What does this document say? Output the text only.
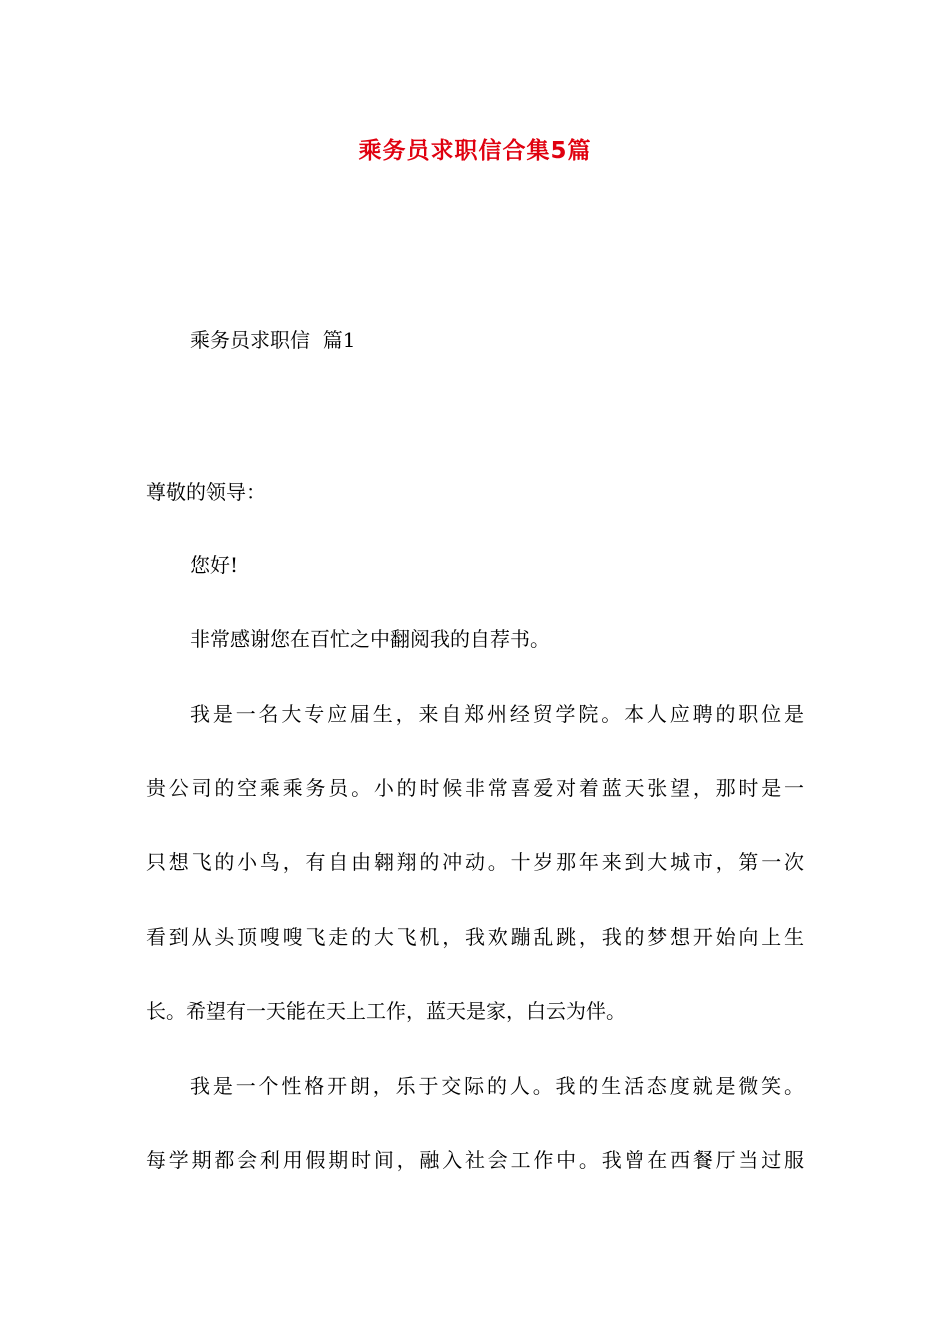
乘务员求职信合集5篇
乘务员求职信  篇1
尊敬的领导：
您好!
非常感谢您在百忙之中翻阅我的自荐书。
我是一名大专应届生，来自郑州经贸学院。本人应聘的职位是
贵公司的空乘乘务员。小的时候非常喜爱对着蓝天张望，那时是一
只想飞的小鸟，有自由翱翔的冲动。十岁那年来到大城市，第一次
看到从头顶嗖嗖飞走的大飞机，我欢蹦乱跳，我的梦想开始向上生
长。希望有一天能在天上工作，蓝天是家，白云为伴。
我是一个性格开朗，乐于交际的人。我的生活态度就是微笑。
每学期都会利用假期时间，融入社会工作中。我曾在西餐厅当过服
